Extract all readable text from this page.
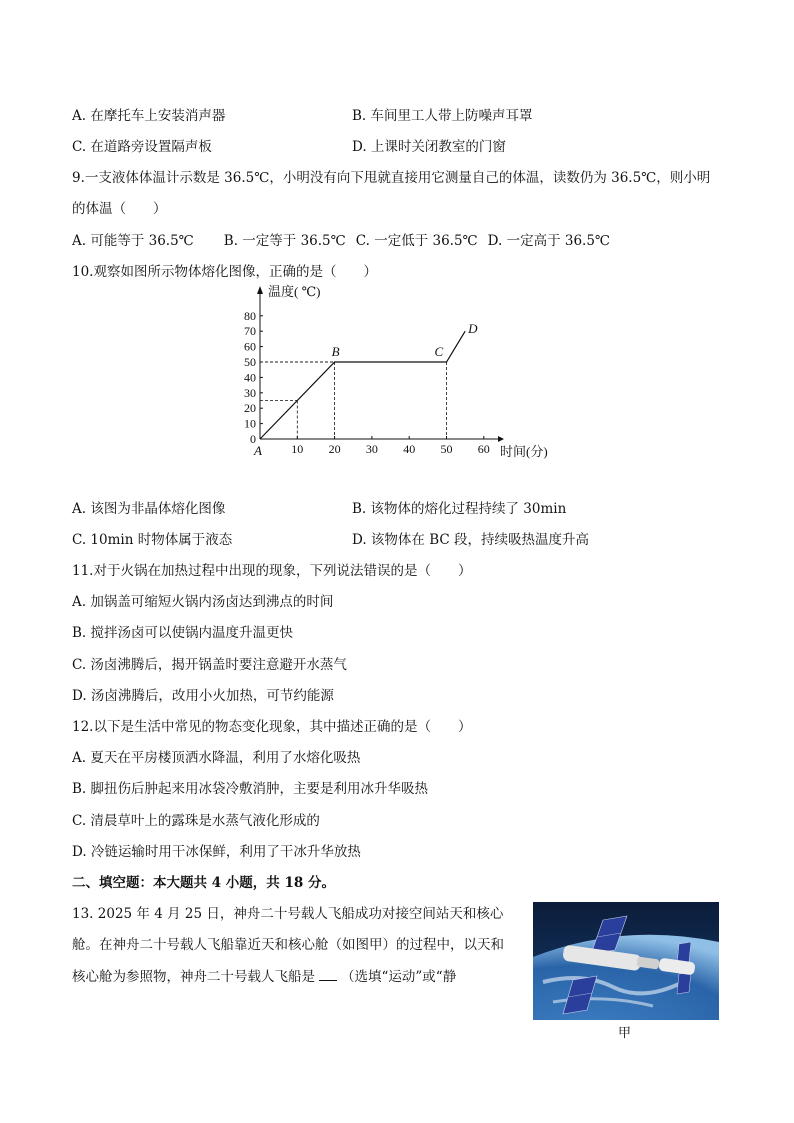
A. 在摩托车上安装消声器	B. 车间里工人带上防噪声耳罩
C. 在道路旁设置隔声板	D. 上课时关闭教室的门窗
9.一支液体体温计示数是 36.5℃，小明没有向下甩就直接用它测量自己的体温，读数仍为 36.5℃，则小明
的体温（　　）
A. 可能等于 36.5℃ B. 一定等于 36.5℃ C. 一定低于 36.5℃ D. 一定高于 36.5℃
10.观察如图所示物体熔化图像，正确的是（　　）
0
10
20
30
40
50
60
70
80
10 20 30 40 50 60
温度( ℃)
时间(分)
A
B	C
D
A. 该图为非晶体熔化图像	B. 该物体的熔化过程持续了 30min
C. 10min 时物体属于液态	D. 该物体在 BC 段，持续吸热温度升高
11.对于火锅在加热过程中出现的现象，下列说法错误的是（　　）
A. 加锅盖可缩短火锅内汤卤达到沸点的时间
B. 搅拌汤卤可以使锅内温度升温更快
C. 汤卤沸腾后，揭开锅盖时要注意避开水蒸气
D. 汤卤沸腾后，改用小火加热，可节约能源
12.以下是生活中常见的物态变化现象，其中描述正确的是（　　）
A. 夏天在平房楼顶洒水降温，利用了水熔化吸热
B. 脚扭伤后肿起来用冰袋冷敷消肿，主要是利用冰升华吸热
C. 清晨草叶上的露珠是水蒸气液化形成的
D. 冷链运输时用干冰保鲜，利用了干冰升华放热
二、填空题：本大题共 4 小题，共 18 分。
13. 2025 年 4 月 25 日，神舟二十号载人飞船成功对接空间站天和核心
舱。在神舟二十号载人飞船靠近天和核心舱（如图甲）的过程中，以天和
核心舱为参照物，神舟二十号载人飞船是 （选填“运动”或“静
甲
